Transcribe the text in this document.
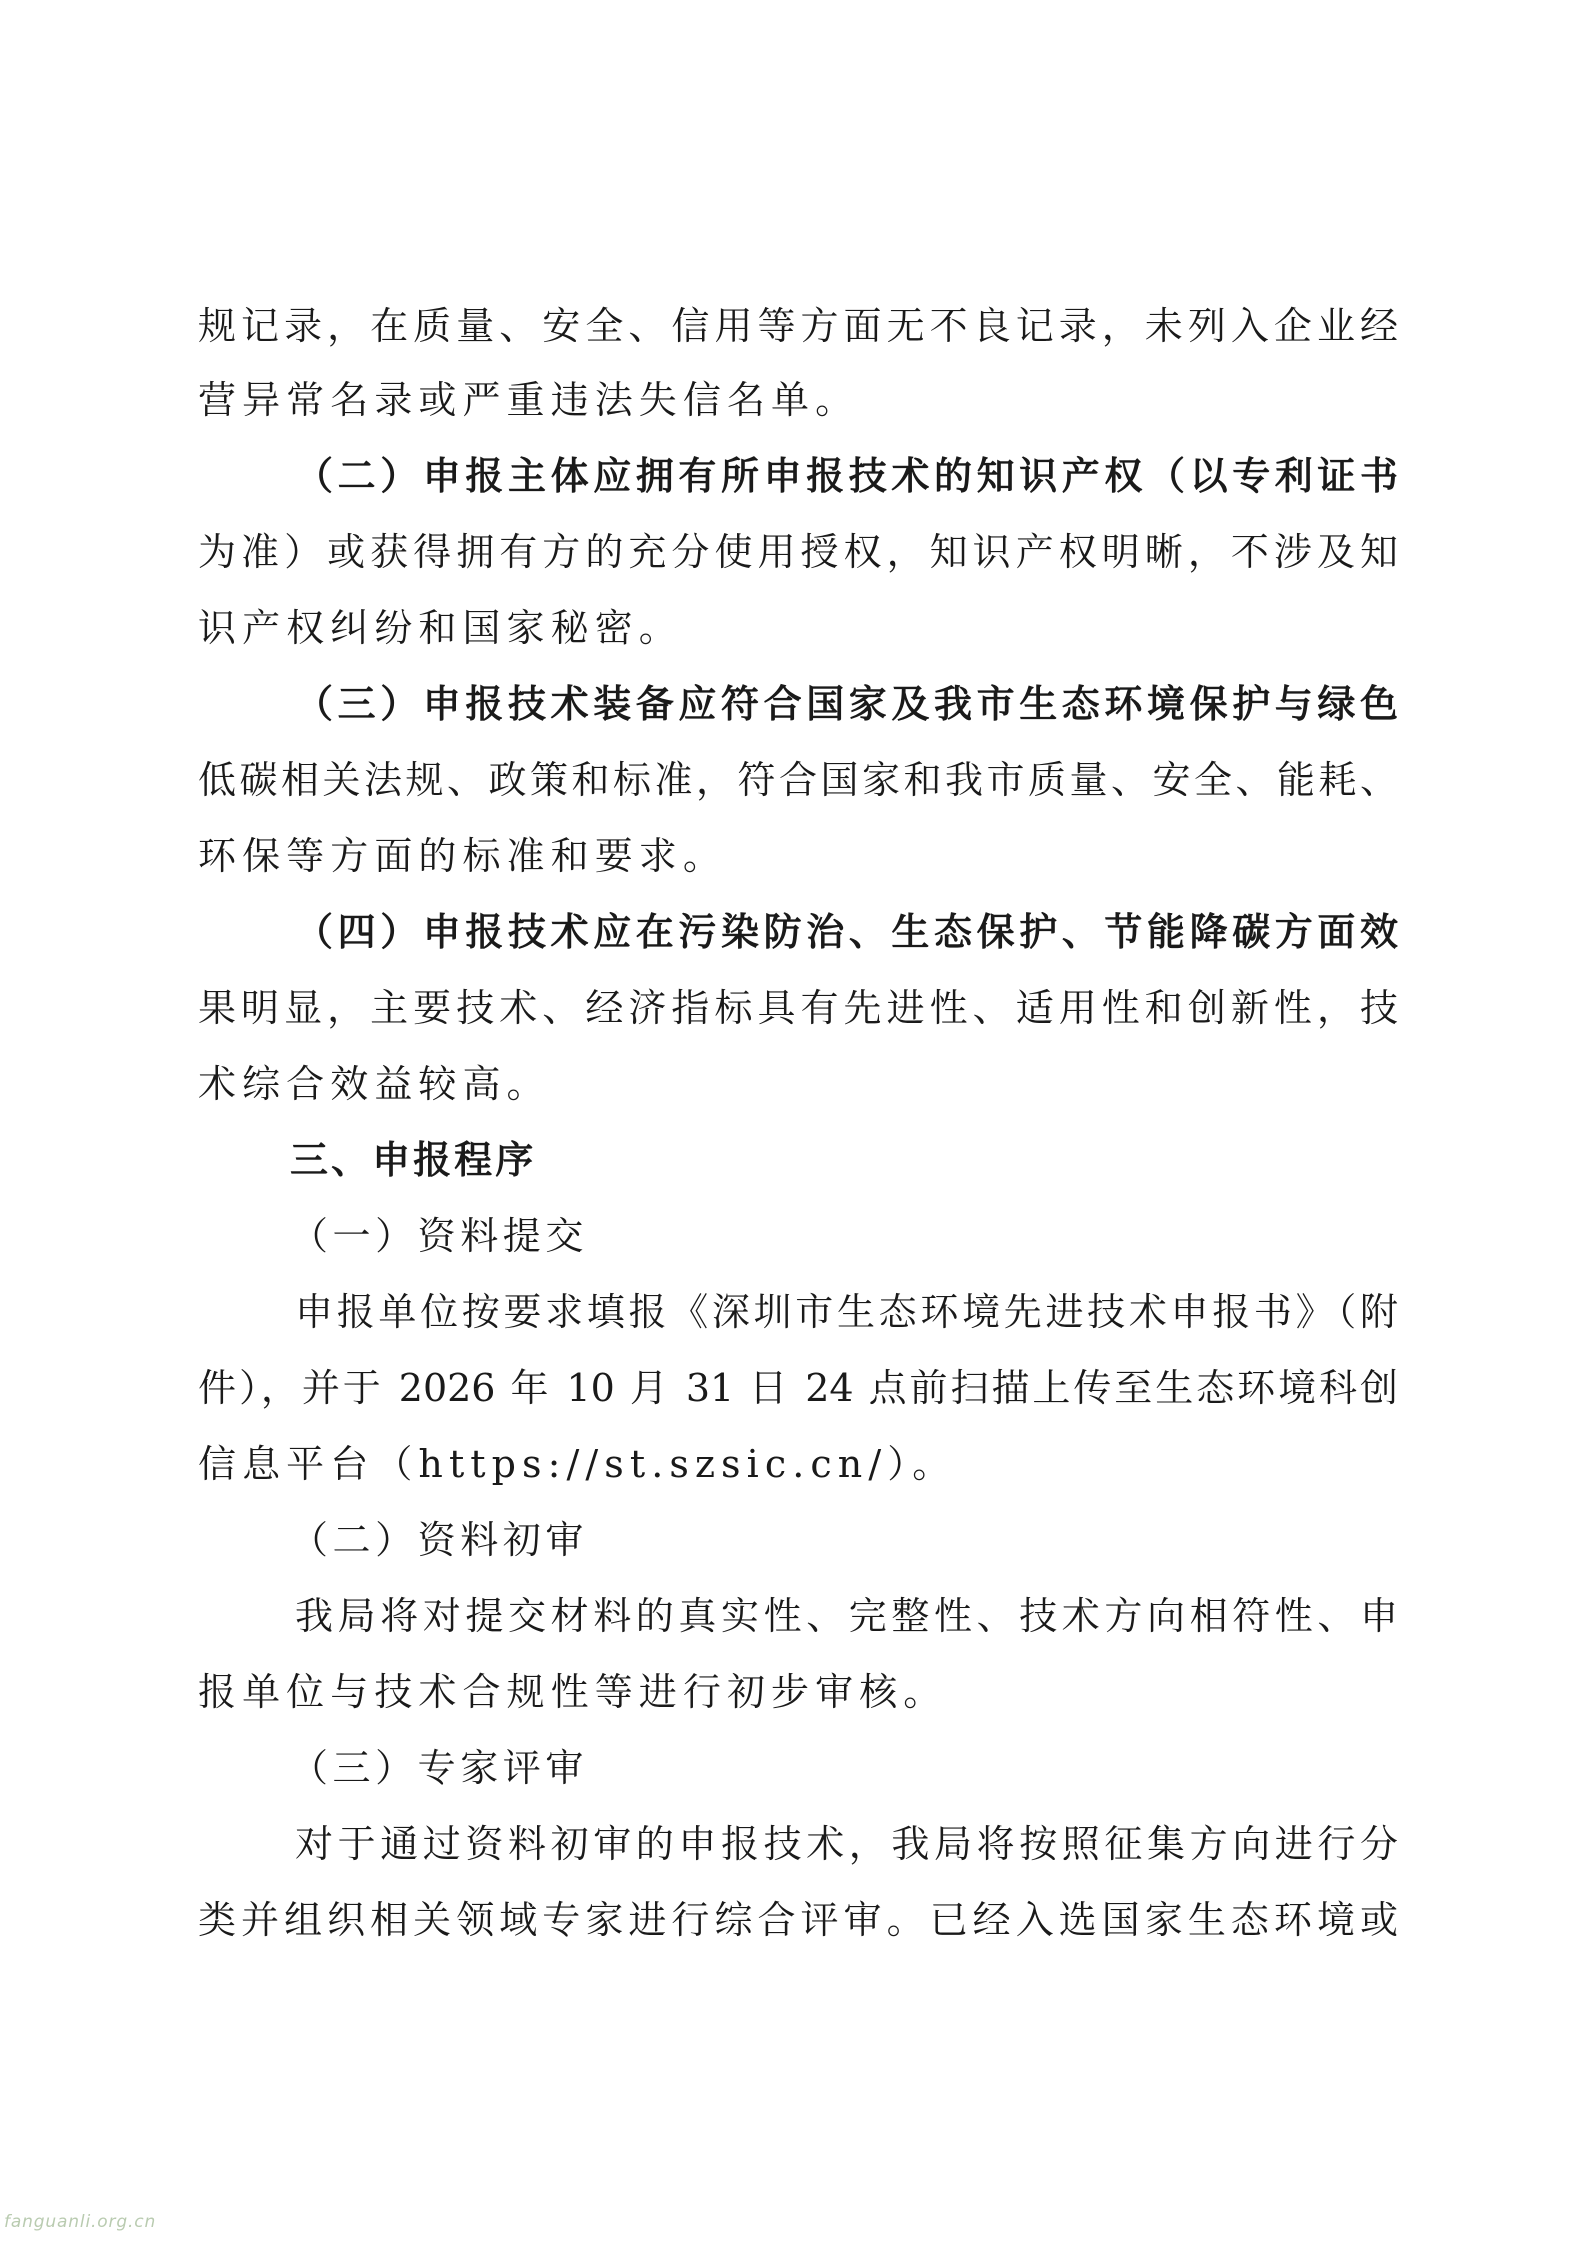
规记录，在质量、安全、信用等方面无不良记录，未列入企业经
营异常名录或严重违法失信名单。
（二）申报主体应拥有所申报技术的知识产权（以专利证书
为准）或获得拥有方的充分使用授权，知识产权明晰，不涉及知
识产权纠纷和国家秘密。
（三）申报技术装备应符合国家及我市生态环境保护与绿色
低碳相关法规、政策和标准，符合国家和我市质量、安全、能耗、
环保等方面的标准和要求。
（四）申报技术应在污染防治、生态保护、节能降碳方面效
果明显，主要技术、经济指标具有先进性、适用性和创新性，技
术综合效益较高。
三、申报程序
（一）资料提交
申报单位按要求填报《深圳市生态环境先进技术申报书》（附
件），并于 2026 年 10 月 31 日 24 点前扫描上传至生态环境科创
信息平台（https://st.szsic.cn/）。
（二）资料初审
我局将对提交材料的真实性、完整性、技术方向相符性、申
报单位与技术合规性等进行初步审核。
（三）专家评审
对于通过资料初审的申报技术，我局将按照征集方向进行分
类并组织相关领域专家进行综合评审。已经入选国家生态环境或
fanguanli.org.cn
